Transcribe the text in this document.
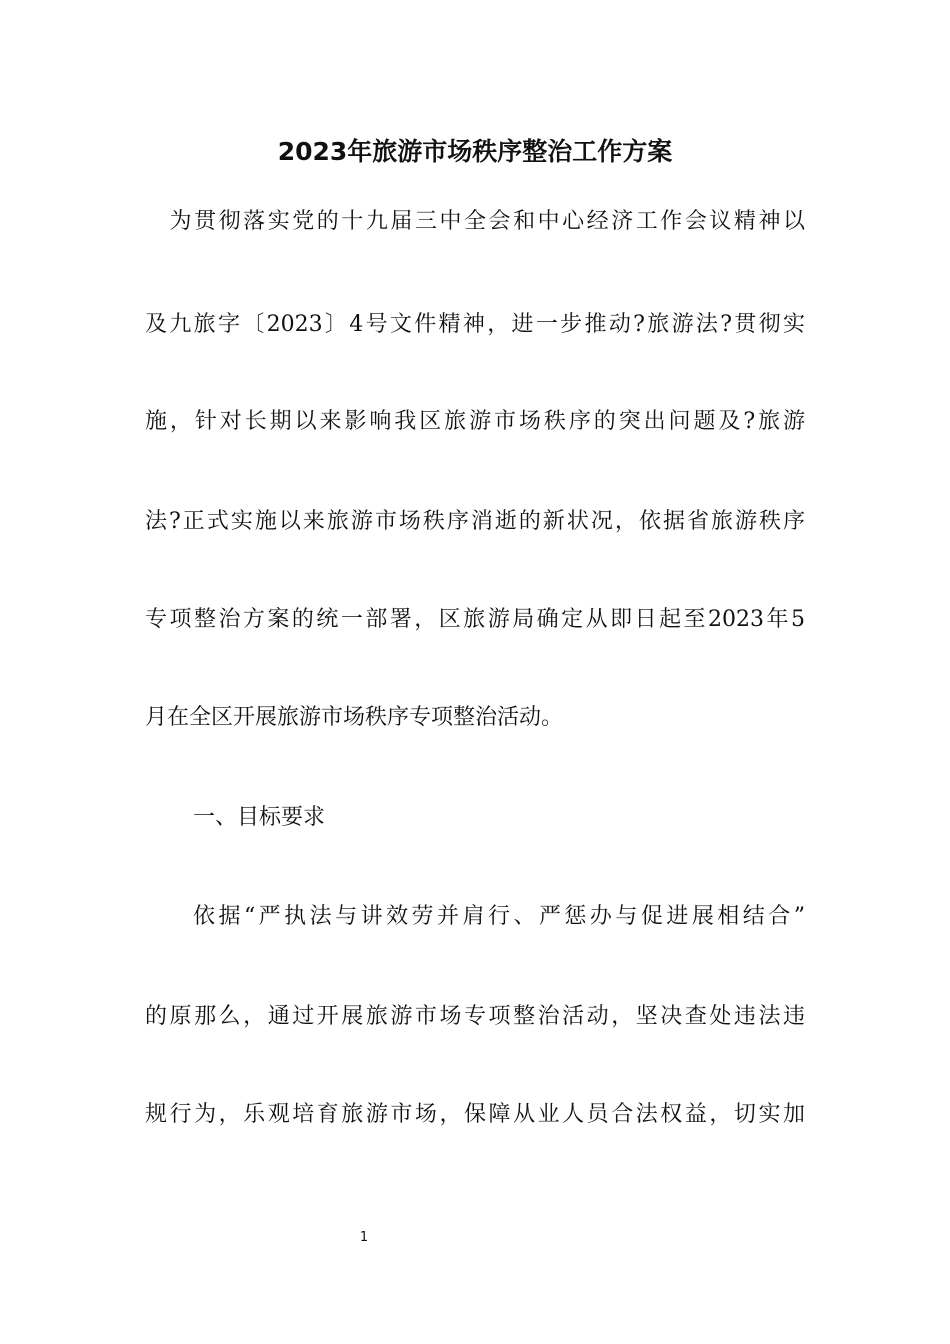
2023年旅游市场秩序整治工作方案
　为贯彻落实党的十九届三中全会和中心经济工作会议精神以
及九旅字〔2023〕4号文件精神，进一步推动?旅游法?贯彻实
施，针对长期以来影响我区旅游市场秩序的突出问题及?旅游
法?正式实施以来旅游市场秩序消逝的新状况，依据省旅游秩序
专项整治方案的统一部署，区旅游局确定从即日起至2023年5
月在全区开展旅游市场秩序专项整治活动。
一、目标要求
依据“严执法与讲效劳并肩行、严惩办与促进展相结合”
的原那么，通过开展旅游市场专项整治活动，坚决查处违法违
规行为，乐观培育旅游市场，保障从业人员合法权益，切实加
1
